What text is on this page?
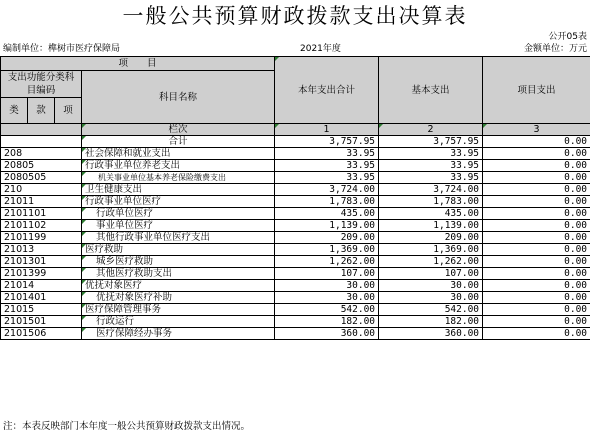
一般公共预算财政拨款支出决算表
公开05表
编制单位：榫树市医疗保障局	2021年度	金额单位：万元
项　　目				本年支出合计	基本支出	项目支出
支出功能分类科目编码			科目名称			

类	款	项				
			栏次	1	2	3
			合计	3,757.95	3,757.95	0.00
208			社会保障和就业支出	33.95	33.95	0.00
20805			行政事业单位养老支出	33.95	33.95	0.00
2080505			机关事业单位基本养老保险缴费支出	33.95	33.95	0.00
210			卫生健康支出	3,724.00	3,724.00	0.00
21011			行政事业单位医疗	1,783.00	1,783.00	0.00
2101101			行政单位医疗	435.00	435.00	0.00
2101102			事业单位医疗	1,139.00	1,139.00	0.00
2101199			其他行政事业单位医疗支出	209.00	209.00	0.00
21013			医疗救助	1,369.00	1,369.00	0.00
2101301			城乡医疗救助	1,262.00	1,262.00	0.00
2101399			其他医疗救助支出	107.00	107.00	0.00
21014			优抚对象医疗	30.00	30.00	0.00
2101401			优抚对象医疗补助	30.00	30.00	0.00
21015			医疗保障管理事务	542.00	542.00	0.00
2101501			行政运行	182.00	182.00	0.00
2101506			医疗保障经办事务	360.00	360.00	0.00
注：本表反映部门本年度一般公共预算财政拨款支出情况。
